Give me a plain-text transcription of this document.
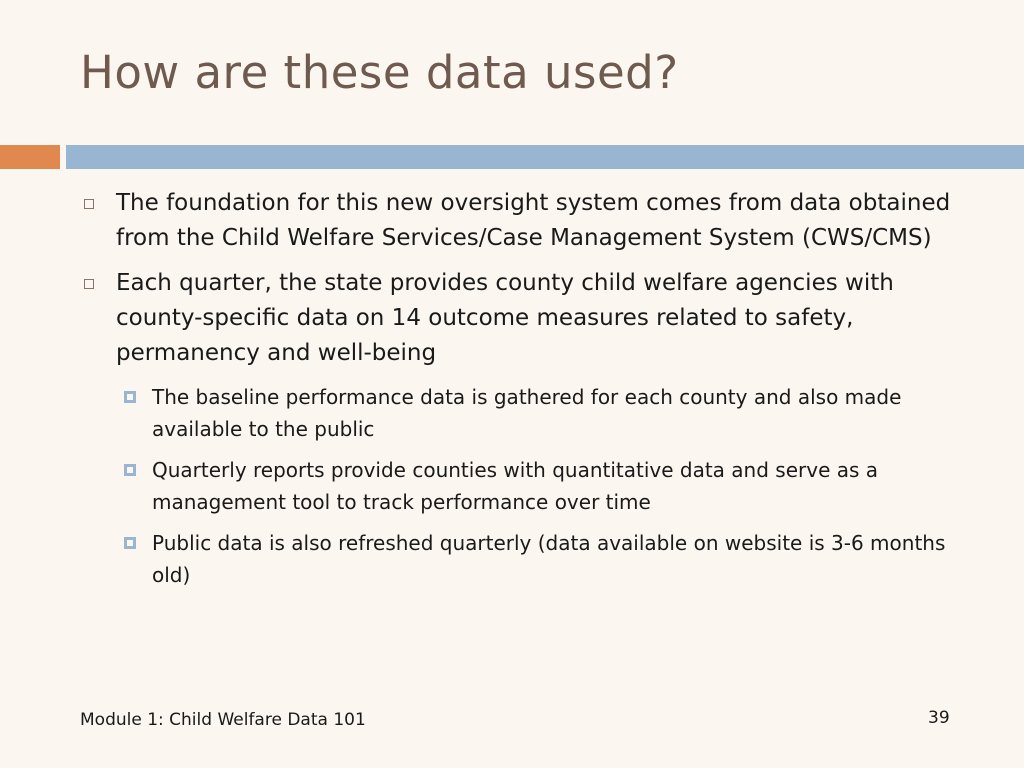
How are these data used?
The foundation for this new oversight system comes from data obtained from the Child Welfare Services/Case Management System (CWS/CMS)
Each quarter, the state provides county child welfare agencies with county-specific data on 14 outcome measures related to safety, permanency and well-being
The baseline performance data is gathered for each county and also made available to the public
Quarterly reports provide counties with quantitative data and serve as a management tool to track performance over time
Public data is also refreshed quarterly (data available on website is 3-6 months old)
Module 1: Child Welfare Data 101	39
